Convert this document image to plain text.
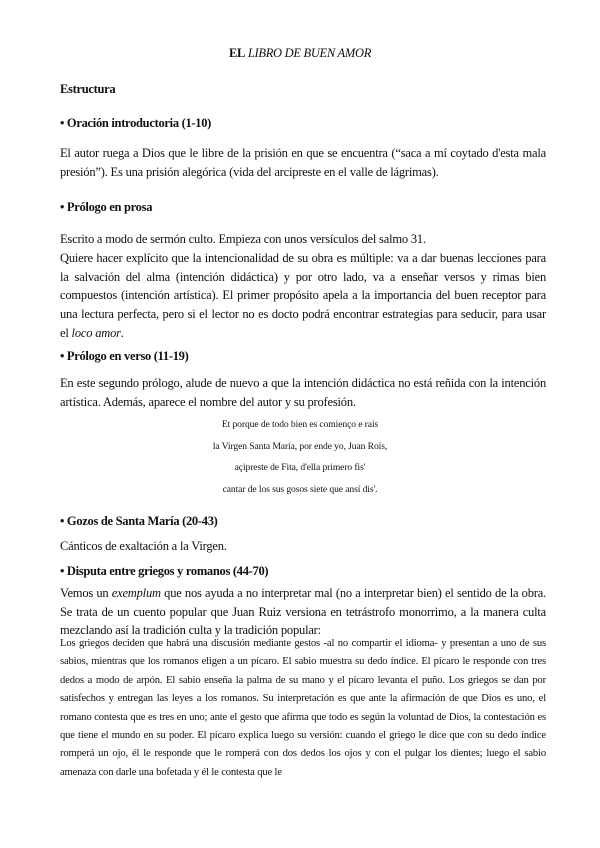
EL LIBRO DE BUEN AMOR
Estructura
• Oración introductoria (1-10)
El autor ruega a Dios que le libre de la prisión en que se encuentra (“saca a mí coytado d'esta mala presión”). Es una prisión alegórica (vida del arcipreste en el valle de lágrimas).
• Prólogo en prosa
Escrito a modo de sermón culto. Empieza con unos versículos del salmo 31.
Quiere hacer explícito que la intencionalidad de su obra es múltiple: va a dar buenas lecciones para la salvación del alma (intención didáctica) y por otro lado, va a enseñar versos y rimas bien compuestos (intención artística). El primer propósito apela a la importancia del buen receptor para una lectura perfecta, pero si el lector no es docto podrá encontrar estrategias para seducir, para usar el loco amor.
• Prólogo en verso (11-19)
En este segundo prólogo, alude de nuevo a que la intención didáctica no está reñida con la intención artística. Además, aparece el nombre del autor y su profesión.
Et porque de todo bien es comienço e raís
la Virgen Santa María, por ende yo, Juan Roís,
açipreste de Fita, d'ella primero fis'
cantar de los sus gosos siete que ansí dis'.
• Gozos de Santa María (20-43)
Cánticos de exaltación a la Virgen.
• Disputa entre griegos y romanos (44-70)
Vemos un exemplum que nos ayuda a no interpretar mal (no a interpretar bien) el sentido de la obra. Se trata de un cuento popular que Juan Ruiz versiona en tetrástrofo monorrimo, a la manera culta mezclando así la tradición culta y la tradición popular:
Los griegos deciden que habrá una discusión mediante gestos -al no compartir el idioma- y presentan a uno de sus sabios, mientras que los romanos eligen a un pícaro. El sabio muestra su dedo índice. El pícaro le responde con tres dedos a modo de arpón. El sabio enseña la palma de su mano y el pícaro levanta el puño. Los griegos se dan por satisfechos y entregan las leyes a los romanos. Su interpretación es que ante la afirmación de que Dios es uno, el romano contesta que es tres en uno; ante el gesto que afirma que todo es según la voluntad de Dios, la contestación es que tiene el mundo en su poder. El pícaro explica luego su versión: cuando el griego le dice que con su dedo índice romperá un ojo, él le responde que le romperá con dos dedos los ojos y con el pulgar los dientes; luego el sabio amenaza con darle una bofetada y él le contesta que le
